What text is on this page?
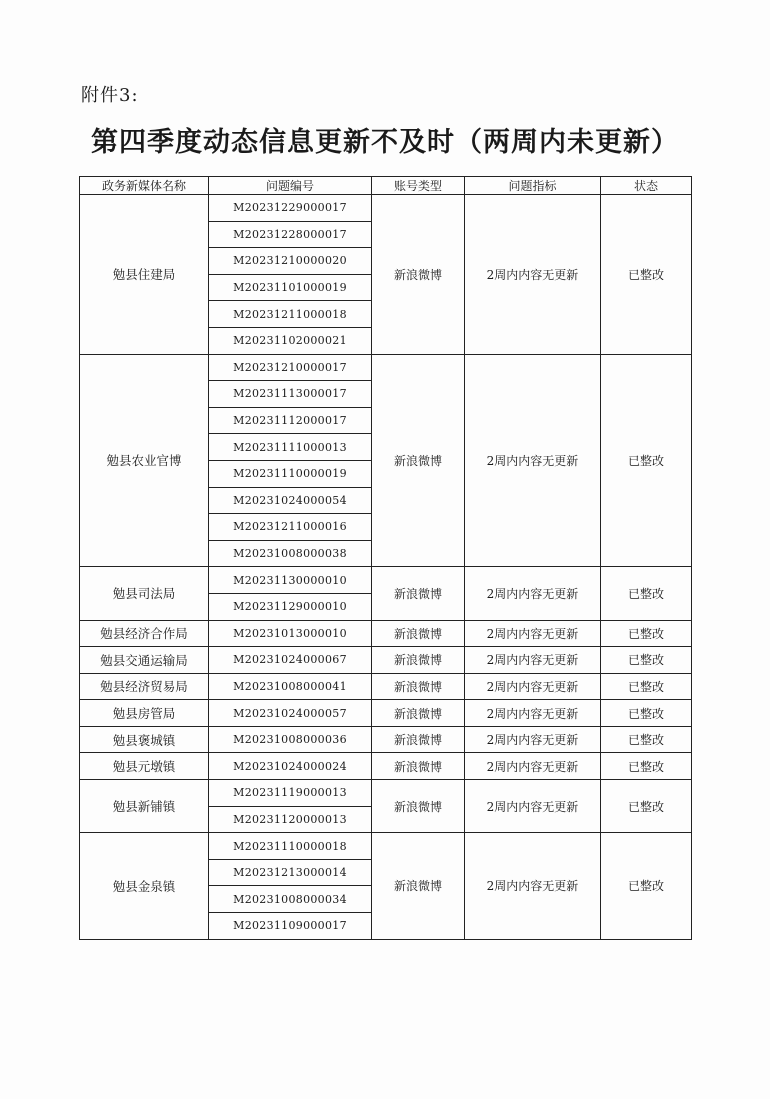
附件3:
第四季度动态信息更新不及时（两周内未更新）
政务新媒体名称	问题编号	账号类型	问题指标	状态
勉县住建局	M20231229000017	新浪微博	2周内内容无更新	已整改
	M20231228000017			
	M20231210000020			
	M20231101000019			
	M20231211000018			
	M20231102000021			
勉县农业官博	M20231210000017	新浪微博	2周内内容无更新	已整改
	M20231113000017			
	M20231112000017			
	M20231111000013			
	M20231110000019			
	M20231024000054			
	M20231211000016			
	M20231008000038			
勉县司法局	M20231130000010	新浪微博	2周内内容无更新	已整改
	M20231129000010			
勉县经济合作局	M20231013000010	新浪微博	2周内内容无更新	已整改
勉县交通运输局	M20231024000067	新浪微博	2周内内容无更新	已整改
勉县经济贸易局	M20231008000041	新浪微博	2周内内容无更新	已整改
勉县房管局	M20231024000057	新浪微博	2周内内容无更新	已整改
勉县褒城镇	M20231008000036	新浪微博	2周内内容无更新	已整改
勉县元墩镇	M20231024000024	新浪微博	2周内内容无更新	已整改
勉县新铺镇	M20231119000013	新浪微博	2周内内容无更新	已整改
	M20231120000013			
勉县金泉镇	M20231110000018	新浪微博	2周内内容无更新	已整改
	M20231213000014			
	M20231008000034			
	M20231109000017			
